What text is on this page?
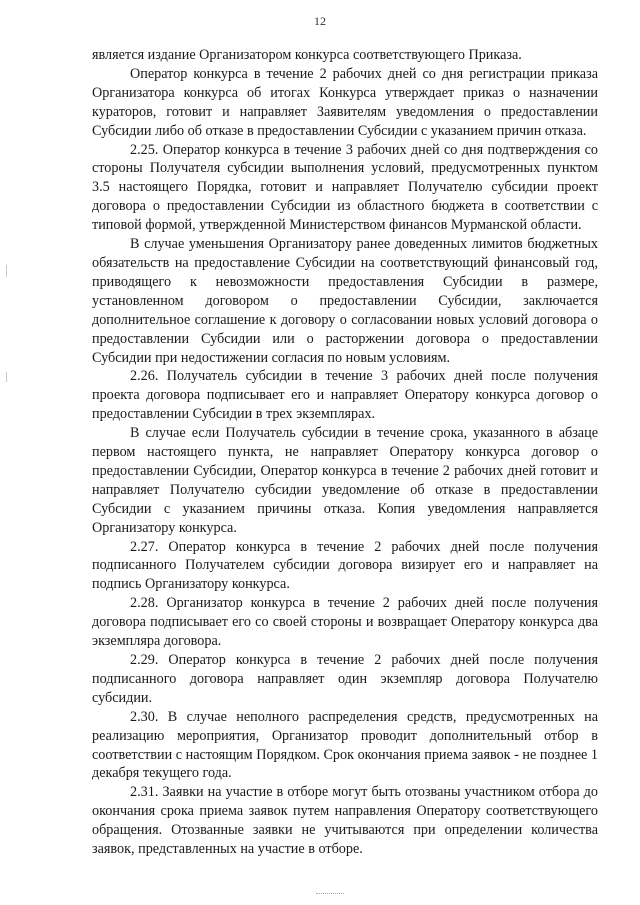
12

является издание Организатором конкурса соответствующего Приказа.

Оператор конкурса в течение 2 рабочих дней со дня регистрации приказа Организатора конкурса об итогах Конкурса утверждает приказ о назначении кураторов, готовит и направляет Заявителям уведомления о предоставлении Субсидии либо об отказе в предоставлении Субсидии с указанием причин отказа.

2.25. Оператор конкурса в течение 3 рабочих дней со дня подтверждения со стороны Получателя субсидии выполнения условий, предусмотренных пунктом 3.5 настоящего Порядка, готовит и направляет Получателю субсидии проект договора о предоставлении Субсидии из областного бюджета в соответствии с типовой формой, утвержденной Министерством финансов Мурманской области.

В случае уменьшения Организатору ранее доведенных лимитов бюджетных обязательств на предоставление Субсидии на соответствующий финансовый год, приводящего к невозможности предоставления Субсидии в размере, установленном договором о предоставлении Субсидии, заключается дополнительное соглашение к договору о согласовании новых условий договора о предоставлении Субсидии или о расторжении договора о предоставлении Субсидии при недостижении согласия по новым условиям.

2.26. Получатель субсидии в течение 3 рабочих дней после получения проекта договора подписывает его и направляет Оператору конкурса договор о предоставлении Субсидии в трех экземплярах.

В случае если Получатель субсидии в течение срока, указанного в абзаце первом настоящего пункта, не направляет Оператору конкурса договор о предоставлении Субсидии, Оператор конкурса в течение 2 рабочих дней готовит и направляет Получателю субсидии уведомление об отказе в предоставлении Субсидии с указанием причины отказа. Копия уведомления направляется Организатору конкурса.

2.27. Оператор конкурса в течение 2 рабочих дней после получения подписанного Получателем субсидии договора визирует его и направляет на подпись Организатору конкурса.

2.28. Организатор конкурса в течение 2 рабочих дней после получения договора подписывает его со своей стороны и возвращает Оператору конкурса два экземпляра договора.

2.29. Оператор конкурса в течение 2 рабочих дней после получения подписанного договора направляет один экземпляр договора Получателю субсидии.

2.30. В случае неполного распределения средств, предусмотренных на реализацию мероприятия, Организатор проводит дополнительный отбор в соответствии с настоящим Порядком. Срок окончания приема заявок - не позднее 1 декабря текущего года.

2.31. Заявки на участие в отборе могут быть отозваны участником отбора до окончания срока приема заявок путем направления Оператору соответствующего обращения. Отозванные заявки не учитываются при определении количества заявок, представленных на участие в отборе.
